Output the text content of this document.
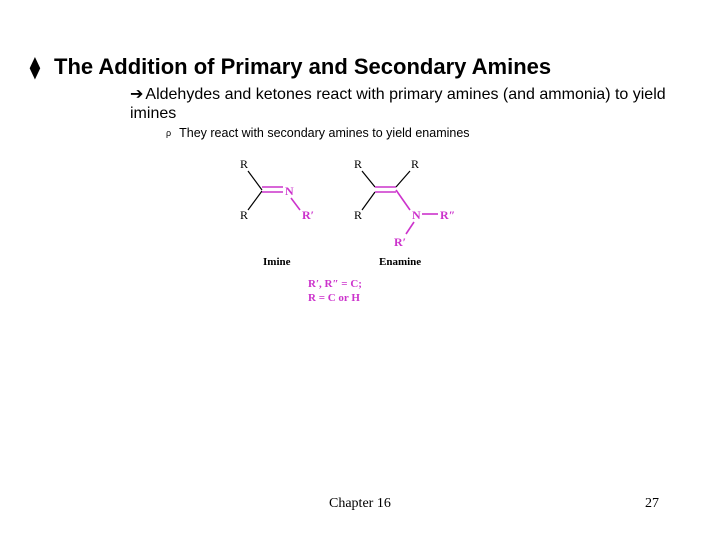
⧫ The Addition of Primary and Secondary Amines
➔ Aldehydes and ketones react with primary amines (and ammonia) to yield imines
ρ They react with secondary amines to yield enamines
R
R
N
R′
R	R
R	N R″
R′
Imine	Enamine
R′, R″ = C;
R = C or H
Chapter 16	27
